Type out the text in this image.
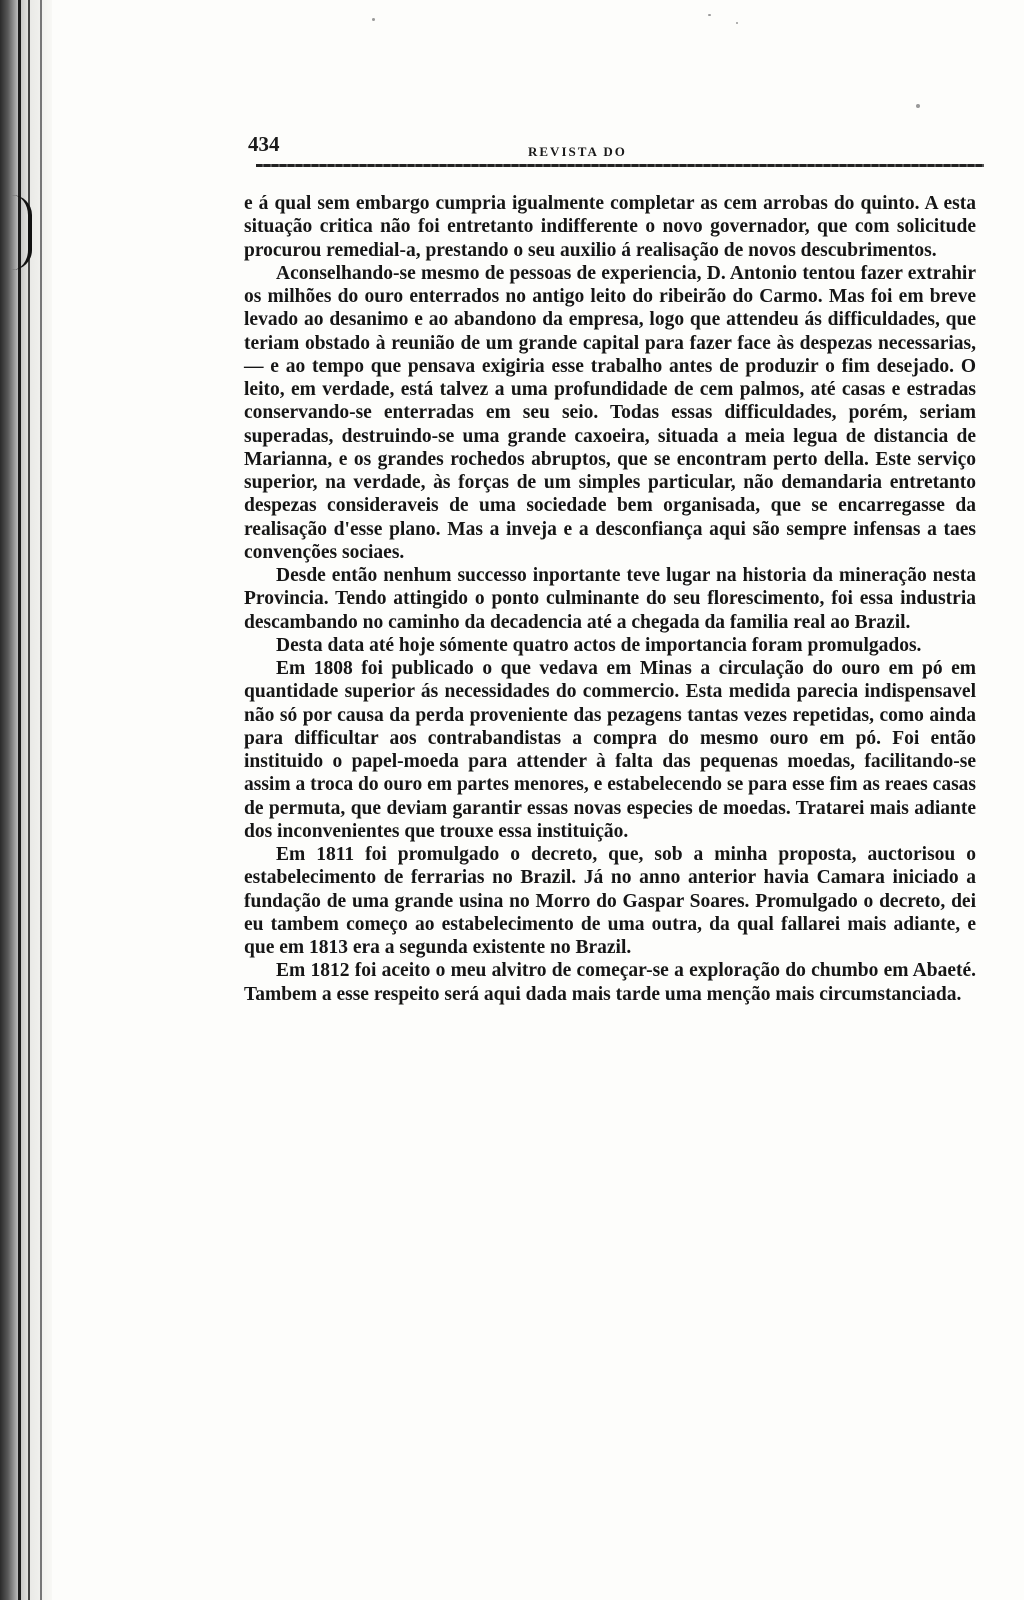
434	REVISTA DO

e á qual sem embargo cumpria igualmente completar as cem arrobas do quinto. A esta situação critica não foi entretanto indifferente o novo governador, que com solicitude procurou remedial-a, prestando o seu auxilio á realisação de novos descubrimentos.

Aconselhando-se mesmo de pessoas de experiencia, D. Antonio tentou fazer extrahir os milhões do ouro enterrados no antigo leito do ribeirão do Carmo. Mas foi em breve levado ao desanimo e ao abandono da empresa, logo que attendeu ás difficuldades, que teriam obstado à reunião de um grande capital para fazer face às despezas necessarias, — e ao tempo que pensava exigiria esse trabalho antes de produzir o fim desejado. O leito, em verdade, está talvez a uma profundidade de cem palmos, até casas e estradas conservando-se enterradas em seu seio. Todas essas difficuldades, porém, seriam superadas, destruindo-se uma grande caxoeira, situada a meia legua de distancia de Marianna, e os grandes rochedos abruptos, que se encontram perto della. Este serviço superior, na verdade, às forças de um simples particular, não demandaria entretanto despezas consideraveis de uma sociedade bem organisada, que se encarregasse da realisação d'esse plano. Mas a inveja e a desconfiança aqui são sempre infensas a taes convenções sociaes.

Desde então nenhum successo inportante teve lugar na historia da mineração nesta Provincia. Tendo attingido o ponto culminante do seu florescimento, foi essa industria descambando no caminho da decadencia até a chegada da familia real ao Brazil.

Desta data até hoje sómente quatro actos de importancia foram promulgados.

Em 1808 foi publicado o que vedava em Minas a circulação do ouro em pó em quantidade superior ás necessidades do commercio. Esta medida parecia indispensavel não só por causa da perda proveniente das pezagens tantas vezes repetidas, como ainda para difficultar aos contrabandistas a compra do mesmo ouro em pó. Foi então instituido o papel-moeda para attender à falta das pequenas moedas, facilitando-se assim a troca do ouro em partes menores, e estabelecendo se para esse fim as reaes casas de permuta, que deviam garantir essas novas especies de moedas. Tratarei mais adiante dos inconvenientes que trouxe essa instituição.

Em 1811 foi promulgado o decreto, que, sob a minha proposta, auctorisou o estabelecimento de ferrarias no Brazil. Já no anno anterior havia Camara iniciado a fundação de uma grande usina no Morro do Gaspar Soares. Promulgado o decreto, dei eu tambem começo ao estabelecimento de uma outra, da qual fallarei mais adiante, e que em 1813 era a segunda existente no Brazil.

Em 1812 foi aceito o meu alvitro de começar-se a exploração do chumbo em Abaeté. Tambem a esse respeito será aqui dada mais tarde uma menção mais circumstanciada.
